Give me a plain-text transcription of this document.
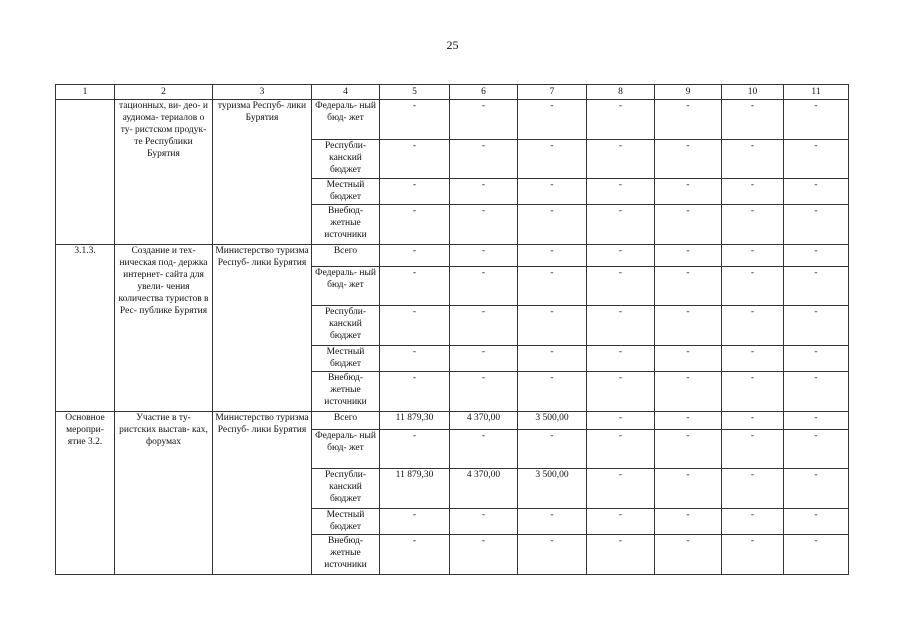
25
1	2	3	4	5	6	7	8	9	10	11
	тационных, ви- део- и аудиома- териалов о ту- ристском продук- те Республики Бурятия	туризма Респуб- лики Бурятия	Федераль- ный бюд- жет	-	-	-	-	-	-	-
			Республи- канский бюджет	-	-	-	-	-	-	-
			Местный бюджет	-	-	-	-	-	-	-
			Внебюд- жетные источники	-	-	-	-	-	-	-
3.1.3.	Создание и тех- ническая под- держка интернет- сайта для увели- чения количества туристов в Рес- публике Бурятия	Министерство туризма Респуб- лики Бурятия	Всего	-	-	-	-	-	-	-
			Федераль- ный бюд- жет	-	-	-	-	-	-	-
			Республи- канский бюджет	-	-	-	-	-	-	-
			Местный бюджет	-	-	-	-	-	-	-
			Внебюд- жетные источники	-	-	-	-	-	-	-
Основное меропри- ятие 3.2.	Участие в ту- ристских выстав- ках, форумах	Министерство туризма Респуб- лики Бурятия	Всего	11 879,30	4 370,00	3 500,00	-	-	-	-
			Федераль- ный бюд- жет	-	-	-	-	-	-	-
			Республи- канский бюджет	11 879,30	4 370,00	3 500,00	-	-	-	-
			Местный бюджет	-	-	-	-	-	-	-
			Внебюд- жетные источники	-	-	-	-	-	-	-
